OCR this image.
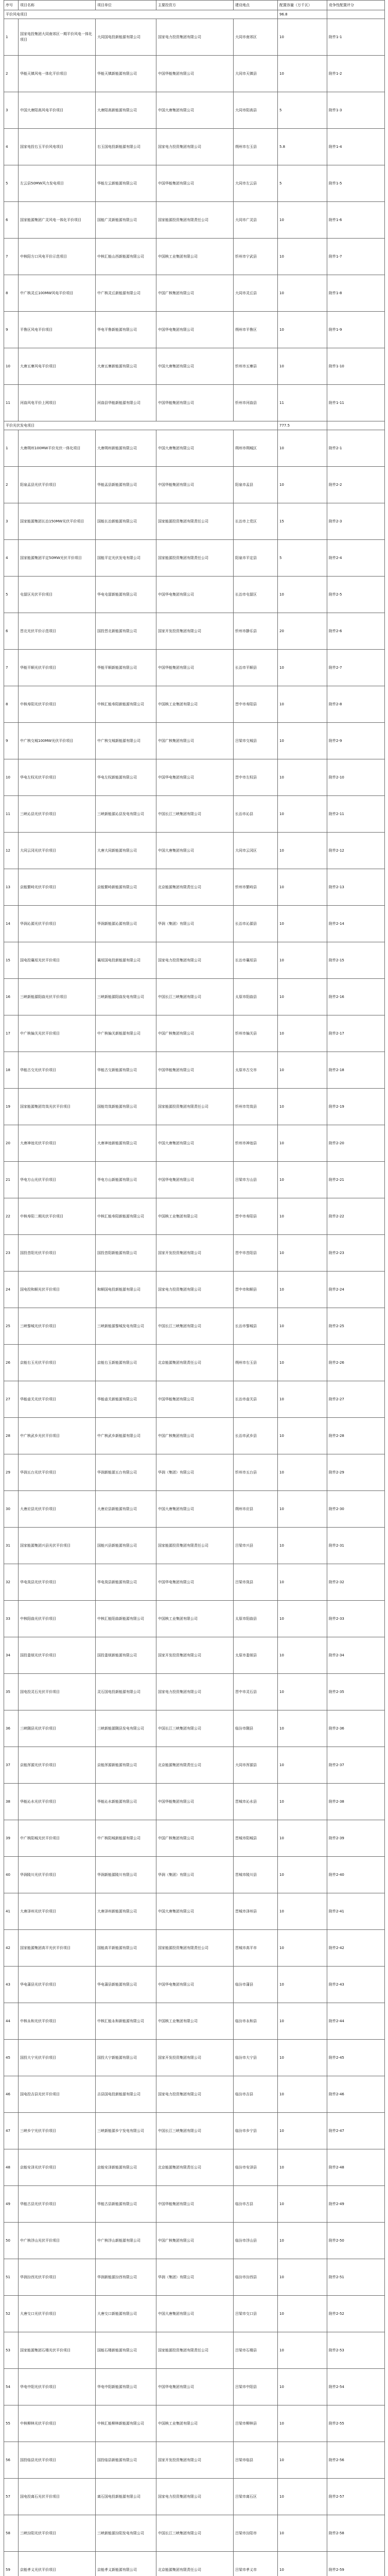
序号	项目名称	项目单位	主要投资方	建设地点	配置容量（万千瓦）	竞争性配置评分
平价风电项目					96.8	
1	国家电投集团大同南郊区一期平价风电一体化项目	大同国电投新能源有限公司	国家电力投资集团有限公司	大同市南郊区	10	附件1-1
2	华能天镇风电一体化平价项目	华能天镇新能源有限公司	中国华能集团有限公司	大同市天镇县	10	附件1-2
3	中国大唐阳高风电平价项目	大唐阳高新能源有限公司	中国大唐集团有限公司	大同市阳高县	5	附件1-3
4	国家电投右玉平价风电项目	右玉国电投新能源有限公司	国家电力投资集团有限公司	朔州市右玉县	5.8	附件1-4
5	左云县50MW风力发电项目	华能左云新能源有限公司	中国华能集团有限公司	大同市左云县	5	附件1-5
6	国家能源集团广灵风电一体化平价项目	国能广灵新能源有限公司	国家能源投资集团有限责任公司	大同市广灵县	10	附件1-6
7	中核阳方口风电平价示范项目	中核汇能山西新能源有限公司	中国核工业集团有限公司	忻州市宁武县	10	附件1-7
8	中广核灵丘100MW风电平价项目	中广核灵丘新能源有限公司	中国广核集团有限公司	大同市灵丘县	10	附件1-8
9	平鲁区风电平价项目	华电平鲁新能源有限公司	中国华电集团有限公司	朔州市平鲁区	10	附件1-9
10	大唐五寨风电平价项目	大唐五寨新能源有限公司	中国大唐集团有限公司	忻州市五寨县	10	附件1-10
11	河曲风电平价上网项目	河曲县华能新能源有限公司	中国华能集团有限公司	忻州市河曲县	11	附件1-11
平价光伏发电项目					777.5	
1	大唐朔州100MW平价光伏一体化项目	大唐朔州新能源有限公司	中国大唐集团有限公司	朔州市朔城区	10	附件2-1
2	阳泉盂县光伏平价项目	华能盂县新能源有限公司	中国华能集团有限公司	阳泉市盂县	10	附件2-2
3	国家能源集团长治150MW光伏平价项目	国能长治新能源有限公司	国家能源投资集团有限责任公司	长治市上党区	15	附件2-3
4	国家能源集团平定50MW光伏平价项目	国能平定光伏发电有限公司	国家能源投资集团有限责任公司	阳泉市平定县	5	附件2-4
5	屯留区光伏平价项目	华电屯留新能源有限公司	中国华电集团有限公司	长治市屯留区	10	附件2-5
6	晋北光伏平价示范项目	国投晋北新能源有限公司	国家开发投资集团有限公司	忻州市静乐县	20	附件2-6
7	华能平顺光伏平价项目	华能平顺新能源有限公司	中国华能集团有限公司	长治市平顺县	10	附件2-7
8	中核寿阳光伏平价项目	中核汇能寿阳新能源有限公司	中国核工业集团有限公司	晋中市寿阳县	10	附件2-8
9	中广核交城100MW光伏平价项目	中广核交城新能源有限公司	中国广核集团有限公司	吕梁市交城县	10	附件2-9
10	华电左权光伏平价项目	华电左权新能源有限公司	中国华电集团有限公司	晋中市左权县	10	附件2-10
11	三峡沁县光伏平价项目	三峡新能源沁县发电有限公司	中国长江三峡集团有限公司	长治市沁县	10	附件2-11
12	大同云冈光伏平价项目	大唐大同新能源有限公司	中国大唐集团有限公司	大同市云冈区	10	附件2-12
13	京能繁峙光伏平价项目	京能繁峙新能源有限公司	北京能源集团有限责任公司	忻州市繁峙县	10	附件2-13
14	华润沁源光伏平价项目	华润新能源沁源有限公司	华润（集团）有限公司	长治市沁源县	10	附件2-14
15	国电投襄垣光伏平价项目	襄垣国电投新能源有限公司	国家电力投资集团有限公司	长治市襄垣县	10	附件2-15
16	三峡新能源阳曲光伏平价项目	三峡新能源阳曲发电有限公司	中国长江三峡集团有限公司	太原市阳曲县	10	附件2-16
17	中广核偏关光伏平价项目	中广核偏关新能源有限公司	中国广核集团有限公司	忻州市偏关县	10	附件2-17
18	华能古交光伏平价项目	华能古交新能源有限公司	中国华能集团有限公司	太原市古交市	10	附件2-18
19	国家能源集团岢岚光伏平价项目	国能岢岚新能源有限公司	国家能源投资集团有限责任公司	忻州市岢岚县	10	附件2-19
20	大唐神池光伏平价项目	大唐神池新能源有限公司	中国大唐集团有限公司	忻州市神池县	10	附件2-20
21	华电方山光伏平价项目	华电方山新能源有限公司	中国华电集团有限公司	吕梁市方山县	10	附件2-21
22	中核寿阳二期光伏平价项目	中核汇能寿阳新能源有限公司	中国核工业集团有限公司	晋中市寿阳县	10	附件2-22
23	国投昔阳光伏平价项目	国投昔阳新能源有限公司	国家开发投资集团有限公司	晋中市昔阳县	10	附件2-23
24	国电投和顺光伏平价项目	和顺国电投新能源有限公司	国家电力投资集团有限公司	晋中市和顺县	10	附件2-24
25	三峡黎城光伏平价项目	三峡新能源黎城发电有限公司	中国长江三峡集团有限公司	长治市黎城县	10	附件2-25
26	京能右玉光伏平价项目	京能右玉新能源有限公司	北京能源集团有限责任公司	朔州市右玉县	10	附件2-26
27	华能壶关光伏平价项目	华能壶关新能源有限公司	中国华能集团有限公司	长治市壶关县	10	附件2-27
28	中广核武乡光伏平价项目	中广核武乡新能源有限公司	中国广核集团有限公司	长治市武乡县	10	附件2-28
29	华润五台光伏平价项目	华润新能源五台有限公司	华润（集团）有限公司	忻州市五台县	10	附件2-29
30	大唐应县光伏平价项目	大唐应县新能源有限公司	中国大唐集团有限公司	朔州市应县	10	附件2-30
31	国家能源集团兴县光伏平价项目	国能兴县新能源有限公司	国家能源投资集团有限责任公司	吕梁市兴县	10	附件2-31
32	华电岚县光伏平价项目	华电岚县新能源有限公司	中国华电集团有限公司	吕梁市岚县	10	附件2-32
33	中核阳曲光伏平价项目	中核汇能阳曲新能源有限公司	中国核工业集团有限公司	太原市阳曲县	10	附件2-33
34	国投娄烦光伏平价项目	国投娄烦新能源有限公司	国家开发投资集团有限公司	太原市娄烦县	10	附件2-34
35	国电投灵石光伏平价项目	灵石国电投新能源有限公司	国家电力投资集团有限公司	晋中市灵石县	10	附件2-35
36	三峡隰县光伏平价项目	三峡新能源隰县发电有限公司	中国长江三峡集团有限公司	临汾市隰县	10	附件2-36
37	京能浑源光伏平价项目	京能浑源新能源有限公司	北京能源集团有限责任公司	大同市浑源县	10	附件2-37
38	华能沁水光伏平价项目	华能沁水新能源有限公司	中国华能集团有限公司	晋城市沁水县	10	附件2-38
39	中广核阳城光伏平价项目	中广核阳城新能源有限公司	中国广核集团有限公司	晋城市阳城县	10	附件2-39
40	华润陵川光伏平价项目	华润新能源陵川有限公司	华润（集团）有限公司	晋城市陵川县	10	附件2-40
41	大唐泽州光伏平价项目	大唐泽州新能源有限公司	中国大唐集团有限公司	晋城市泽州县	10	附件2-41
42	国家能源集团高平光伏平价项目	国能高平新能源有限公司	国家能源投资集团有限责任公司	晋城市高平市	10	附件2-42
43	华电蒲县光伏平价项目	华电蒲县新能源有限公司	中国华电集团有限公司	临汾市蒲县	10	附件2-43
44	中核永和光伏平价项目	中核汇能永和新能源有限公司	中国核工业集团有限公司	临汾市永和县	10	附件2-44
45	国投大宁光伏平价项目	国投大宁新能源有限公司	国家开发投资集团有限公司	临汾市大宁县	10	附件2-45
46	国电投吉县光伏平价项目	吉县国电投新能源有限公司	国家电力投资集团有限公司	临汾市吉县	10	附件2-46
47	三峡乡宁光伏平价项目	三峡新能源乡宁发电有限公司	中国长江三峡集团有限公司	临汾市乡宁县	10	附件2-47
48	京能安泽光伏平价项目	京能安泽新能源有限公司	北京能源集团有限责任公司	临汾市安泽县	10	附件2-48
49	华能古县光伏平价项目	华能古县新能源有限公司	中国华能集团有限公司	临汾市古县	10	附件2-49
50	中广核浮山光伏平价项目	中广核浮山新能源有限公司	中国广核集团有限公司	临汾市浮山县	10	附件2-50
51	华润汾西光伏平价项目	华润新能源汾西有限公司	华润（集团）有限公司	临汾市汾西县	10	附件2-51
52	大唐交口光伏平价项目	大唐交口新能源有限公司	中国大唐集团有限公司	吕梁市交口县	10	附件2-52
53	国家能源集团石楼光伏平价项目	国能石楼新能源有限公司	国家能源投资集团有限责任公司	吕梁市石楼县	10	附件2-53
54	华电中阳光伏平价项目	华电中阳新能源有限公司	中国华电集团有限公司	吕梁市中阳县	10	附件2-54
55	中核柳林光伏平价项目	中核汇能柳林新能源有限公司	中国核工业集团有限公司	吕梁市柳林县	10	附件2-55
56	国投临县光伏平价项目	国投临县新能源有限公司	国家开发投资集团有限公司	吕梁市临县	10	附件2-56
57	国电投离石光伏平价项目	离石国电投新能源有限公司	国家电力投资集团有限公司	吕梁市离石区	10	附件2-57
58	三峡汾阳光伏平价项目	三峡新能源汾阳发电有限公司	中国长江三峡集团有限公司	吕梁市汾阳市	10	附件2-58
59	京能孝义光伏平价项目	京能孝义新能源有限公司	北京能源集团有限责任公司	吕梁市孝义市	10	附件2-59
